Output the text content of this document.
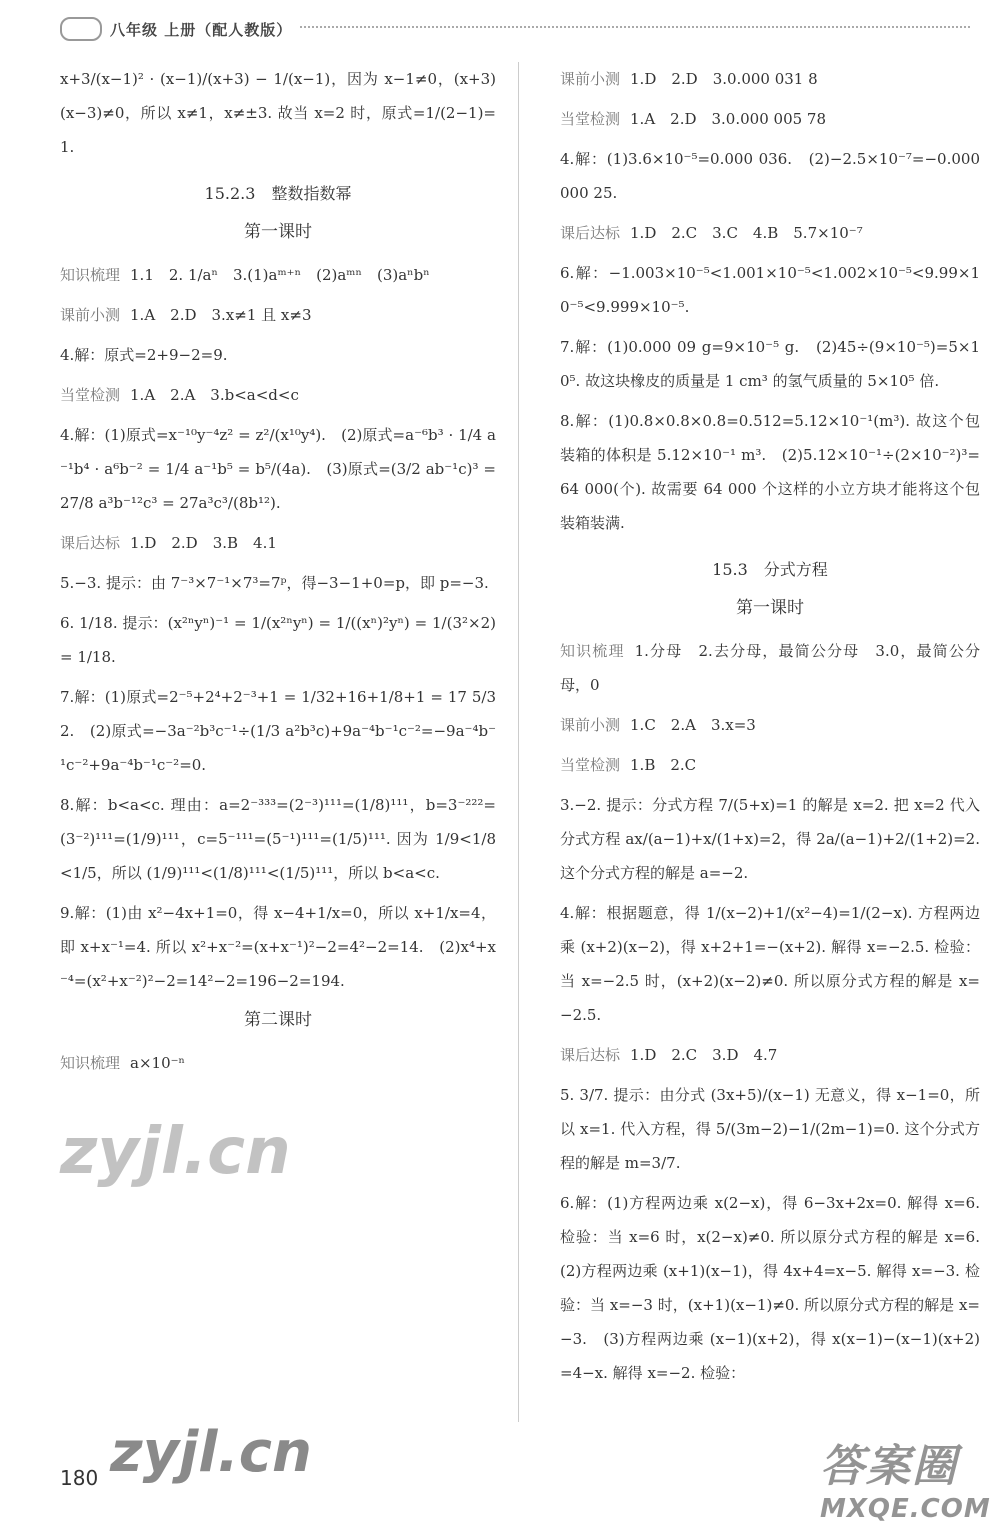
八年级 上册（配人教版）

x+3/(x−1)² · (x−1)/(x+3) − 1/(x−1)，因为 x−1≠0，(x+3)(x−3)≠0，所以 x≠1，x≠±3. 故当 x=2 时，原式=1/(2−1)=1.

15.2.3　整数指数幂
第一课时

知识梳理 1.1　2. 1/aⁿ　3.(1)aᵐ⁺ⁿ　(2)aᵐⁿ　(3)aⁿbⁿ

课前小测 1.A　2.D　3.x≠1 且 x≠3

4.解：原式=2+9−2=9.

当堂检测 1.A　2.A　3.b<a<d<c

4.解：(1)原式=x⁻¹⁰y⁻⁴z² = z²/(x¹⁰y⁴).　(2)原式=a⁻⁶b³ · 1/4 a⁻¹b⁴ · a⁶b⁻² = 1/4 a⁻¹b⁵ = b⁵/(4a).　(3)原式=(3/2 ab⁻¹c)³ = 27/8 a³b⁻¹²c³ = 27a³c³/(8b¹²).

课后达标 1.D　2.D　3.B　4.1

5.−3. 提示：由 7⁻³×7⁻¹×7³=7ᵖ，得−3−1+0=p，即 p=−3.

6. 1/18. 提示：(x²ⁿyⁿ)⁻¹ = 1/(x²ⁿyⁿ) = 1/((xⁿ)²yⁿ) = 1/(3²×2) = 1/18.

7.解：(1)原式=2⁻⁵+2⁴+2⁻³+1 = 1/32+16+1/8+1 = 17 5/32.　(2)原式=−3a⁻²b³c⁻¹÷(1/3 a²b³c)+9a⁻⁴b⁻¹c⁻²=−9a⁻⁴b⁻¹c⁻²+9a⁻⁴b⁻¹c⁻²=0.

8.解：b<a<c. 理由：a=2⁻³³³=(2⁻³)¹¹¹=(1/8)¹¹¹，b=3⁻²²²=(3⁻²)¹¹¹=(1/9)¹¹¹，c=5⁻¹¹¹=(5⁻¹)¹¹¹=(1/5)¹¹¹. 因为 1/9<1/8<1/5，所以 (1/9)¹¹¹<(1/8)¹¹¹<(1/5)¹¹¹，所以 b<a<c.

9.解：(1)由 x²−4x+1=0，得 x−4+1/x=0，所以 x+1/x=4，即 x+x⁻¹=4. 所以 x²+x⁻²=(x+x⁻¹)²−2=4²−2=14.　(2)x⁴+x⁻⁴=(x²+x⁻²)²−2=14²−2=196−2=194.

第二课时

知识梳理 a×10⁻ⁿ

课前小测 1.D　2.D　3.0.000 031 8

当堂检测 1.A　2.D　3.0.000 005 78

4.解：(1)3.6×10⁻⁵=0.000 036.　(2)−2.5×10⁻⁷=−0.000 000 25.

课后达标 1.D　2.C　3.C　4.B　5.7×10⁻⁷

6.解：−1.003×10⁻⁵<1.001×10⁻⁵<1.002×10⁻⁵<9.99×10⁻⁵<9.999×10⁻⁵.

7.解：(1)0.000 09 g=9×10⁻⁵ g.　(2)45÷(9×10⁻⁵)=5×10⁵. 故这块橡皮的质量是 1 cm³ 的氢气质量的 5×10⁵ 倍.

8.解：(1)0.8×0.8×0.8=0.512=5.12×10⁻¹(m³). 故这个包装箱的体积是 5.12×10⁻¹ m³.　(2)5.12×10⁻¹÷(2×10⁻²)³=64 000(个). 故需要 64 000 个这样的小立方块才能将这个包装箱装满.

15.3　分式方程
第一课时

知识梳理 1.分母　2.去分母，最简公分母　3.0，最简公分母，0

课前小测 1.C　2.A　3.x=3

当堂检测 1.B　2.C

3.−2. 提示：分式方程 7/(5+x)=1 的解是 x=2. 把 x=2 代入分式方程 ax/(a−1)+x/(1+x)=2，得 2a/(a−1)+2/(1+2)=2. 这个分式方程的解是 a=−2.

4.解：根据题意，得 1/(x−2)+1/(x²−4)=1/(2−x). 方程两边乘 (x+2)(x−2)，得 x+2+1=−(x+2). 解得 x=−2.5. 检验：当 x=−2.5 时，(x+2)(x−2)≠0. 所以原分式方程的解是 x=−2.5.

课后达标 1.D　2.C　3.D　4.7

5. 3/7. 提示：由分式 (3x+5)/(x−1) 无意义，得 x−1=0，所以 x=1. 代入方程，得 5/(3m−2)−1/(2m−1)=0. 这个分式方程的解是 m=3/7.

6.解：(1)方程两边乘 x(2−x)，得 6−3x+2x=0. 解得 x=6. 检验：当 x=6 时，x(2−x)≠0. 所以原分式方程的解是 x=6.　(2)方程两边乘 (x+1)(x−1)，得 4x+4=x−5. 解得 x=−3. 检验：当 x=−3 时，(x+1)(x−1)≠0. 所以原分式方程的解是 x=−3.　(3)方程两边乘 (x−1)(x+2)，得 x(x−1)−(x−1)(x+2)=4−x. 解得 x=−2. 检验：

zyjl.cn
zyjl.cn	答案圈
MXQE.COM
180
